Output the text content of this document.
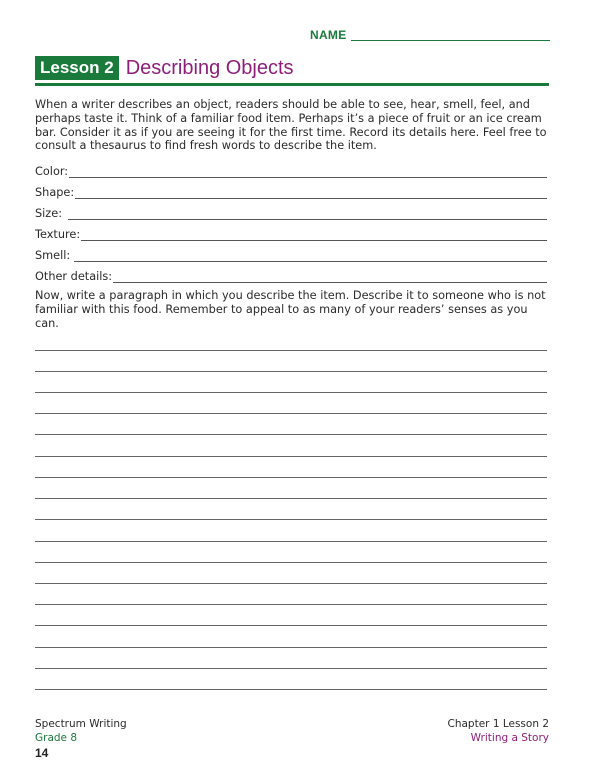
NAME
Lesson 2 Describing Objects
When a writer describes an object, readers should be able to see, hear, smell, feel, and perhaps taste it. Think of a familiar food item. Perhaps it’s a piece of fruit or an ice cream bar. Consider it as if you are seeing it for the first time. Record its details here. Feel free to consult a thesaurus to find fresh words to describe the item.
Color:
Shape:
Size:
Texture:
Smell:
Other details:
Now, write a paragraph in which you describe the item. Describe it to someone who is not familiar with this food. Remember to appeal to as many of your readers’ senses as you can.
Spectrum Writing
Grade 8
Chapter 1 Lesson 2
Writing a Story
14
